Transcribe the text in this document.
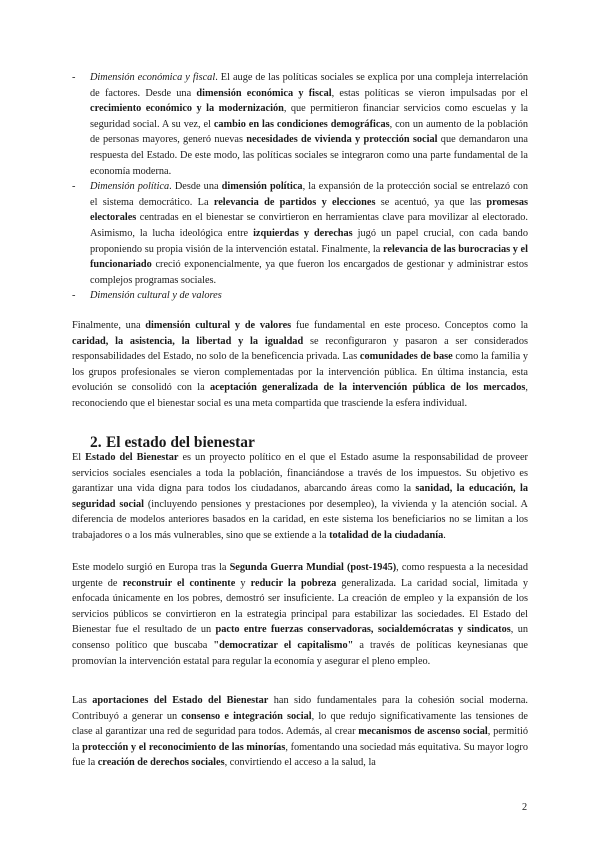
- Dimensión económica y fiscal. El auge de las políticas sociales se explica por una compleja interrelación de factores. Desde una dimensión económica y fiscal, estas políticas se vieron impulsadas por el crecimiento económico y la modernización, que permitieron financiar servicios como escuelas y la seguridad social. A su vez, el cambio en las condiciones demográficas, con un aumento de la población de personas mayores, generó nuevas necesidades de vivienda y protección social que demandaron una respuesta del Estado. De este modo, las políticas sociales se integraron como una parte fundamental de la economía moderna.
- Dimensión política. Desde una dimensión política, la expansión de la protección social se entrelazó con el sistema democrático. La relevancia de partidos y elecciones se acentuó, ya que las promesas electorales centradas en el bienestar se convirtieron en herramientas clave para movilizar al electorado. Asimismo, la lucha ideológica entre izquierdas y derechas jugó un papel crucial, con cada bando proponiendo su propia visión de la intervención estatal. Finalmente, la relevancia de las burocracias y el funcionariado creció exponencialmente, ya que fueron los encargados de gestionar y administrar estos complejos programas sociales.
- Dimensión cultural y de valores

Finalmente, una dimensión cultural y de valores fue fundamental en este proceso. Conceptos como la caridad, la asistencia, la libertad y la igualdad se reconfiguraron y pasaron a ser considerados responsabilidades del Estado, no solo de la beneficencia privada. Las comunidades de base como la familia y los grupos profesionales se vieron complementadas por la intervención pública. En última instancia, esta evolución se consolidó con la aceptación generalizada de la intervención pública de los mercados, reconociendo que el bienestar social es una meta compartida que trasciende la esfera individual.

2. El estado del bienestar

El Estado del Bienestar es un proyecto político en el que el Estado asume la responsabilidad de proveer servicios sociales esenciales a toda la población, financiándose a través de los impuestos. Su objetivo es garantizar una vida digna para todos los ciudadanos, abarcando áreas como la sanidad, la educación, la seguridad social (incluyendo pensiones y prestaciones por desempleo), la vivienda y la atención social. A diferencia de modelos anteriores basados en la caridad, en este sistema los beneficiarios no se limitan a los trabajadores o a los más vulnerables, sino que se extiende a la totalidad de la ciudadanía.

Este modelo surgió en Europa tras la Segunda Guerra Mundial (post-1945), como respuesta a la necesidad urgente de reconstruir el continente y reducir la pobreza generalizada. La caridad social, limitada y enfocada únicamente en los pobres, demostró ser insuficiente. La creación de empleo y la expansión de los servicios públicos se convirtieron en la estrategia principal para estabilizar las sociedades. El Estado del Bienestar fue el resultado de un pacto entre fuerzas conservadoras, socialdemócratas y sindicatos, un consenso político que buscaba "democratizar el capitalismo" a través de políticas keynesianas que promovían la intervención estatal para regular la economía y asegurar el pleno empleo.

Las aportaciones del Estado del Bienestar han sido fundamentales para la cohesión social moderna. Contribuyó a generar un consenso e integración social, lo que redujo significativamente las tensiones de clase al garantizar una red de seguridad para todos. Además, al crear mecanismos de ascenso social, permitió la protección y el reconocimiento de las minorías, fomentando una sociedad más equitativa. Su mayor logro fue la creación de derechos sociales, convirtiendo el acceso a la salud, la

2
